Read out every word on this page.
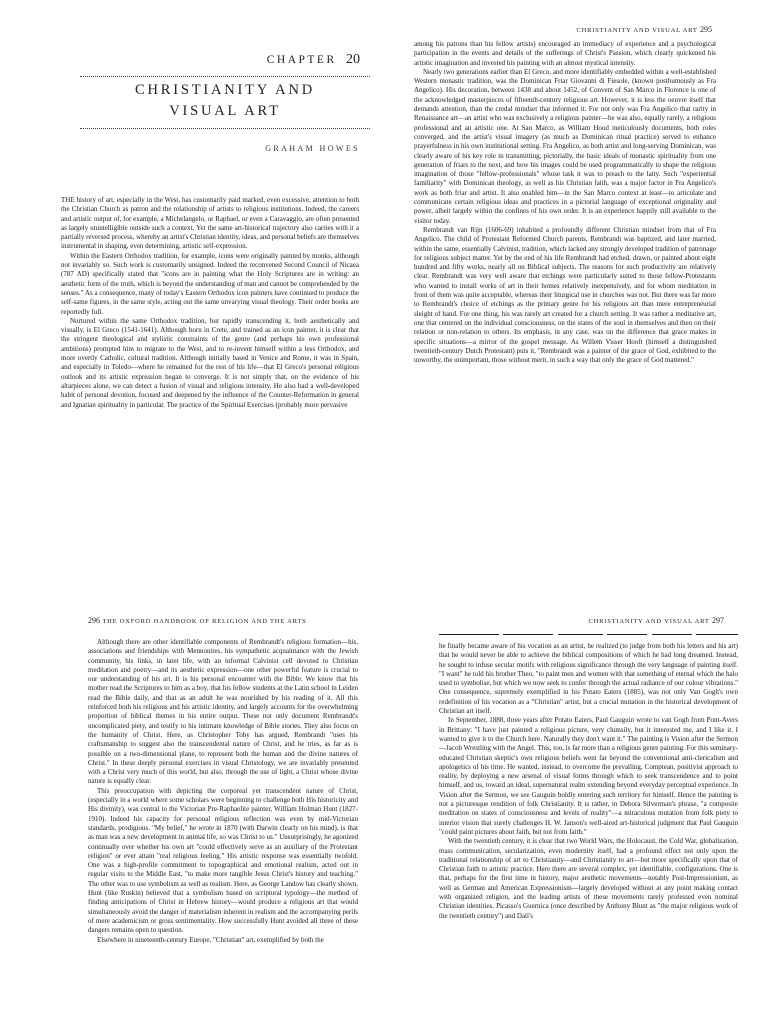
CHAPTER 20
CHRISTIANITY AND
VISUAL ART
GRAHAM HOWES

THE history of art, especially in the West, has customarily paid marked, even excessive, attention to both the Christian Church as patron and the relationship of artists to religious institutions. Indeed, the careers and artistic output of, for example, a Michelangelo, or Raphael, or even a Caravaggio, are often presented as largely unintelligible outside such a context. Yet the same art-historical trajectory also carries with it a partially reversed process, whereby an artist's Christian identity, ideas, and personal beliefs are themselves instrumental in shaping, even determining, artistic self-expression.

Within the Eastern Orthodox tradition, for example, icons were originally painted by monks, although not invariably so. Such work is customarily unsigned. Indeed the reconvened Second Council of Nicaea (787 AD) specifically stated that "icons are in painting what the Holy Scriptures are in writing: an aesthetic form of the truth, which is beyond the understanding of man and cannot be comprehended by the senses." As a consequence, many of today's Eastern Orthodox icon painters have continued to produce the self-same figures, in the same style, acting out the same unvarying visual theology. Their order books are reportedly full.

Nurtured within the same Orthodox tradition, but rapidly transcending it, both aesthetically and visually, is El Greco (1541-1641). Although born in Crete, and trained as an icon painter, it is clear that the stringent theological and stylistic constraints of the genre (and perhaps his own professional ambitions) prompted him to migrate to the West, and to re-invent himself within a less Orthodox, and more overtly Catholic, cultural tradition. Although initially based in Venice and Rome, it was in Spain, and especially in Toledo—where he remained for the rest of his life—that El Greco's personal religious outlook and its artistic expression began to converge. It is not simply that, on the evidence of his altarpieces alone, we can detect a fusion of visual and religious intensity. He also had a well-developed habit of personal devotion, focused and deepened by the influence of the Counter-Reformation in general and Ignatian spirituality in particular. The practice of the Spiritual Exercises (probably more pervasive

CHRISTIANITY AND VISUAL ART 295

among his patrons than his fellow artists) encouraged an immediacy of experience and a psychological participation in the events and details of the sufferings of Christ's Passion, which clearly quickened his artistic imagination and invested his painting with an almost mystical intensity.

Nearly two generations earlier than El Greco, and more identifiably embedded within a well-established Western monastic tradition, was the Dominican Friar Giovanni di Fiesole, (known posthumously as Fra Angelico). His decoration, between 1438 and about 1452, of Convent of San Marco in Florence is one of the acknowledged masterpieces of fifteenth-century religious art. However, it is less the oeuvre itself that demands attention, than the credal mindset that informed it. For not only was Fra Angelico that rarity in Renaissance art—an artist who was exclusively a religious painter—he was also, equally rarely, a religious professional and an artistic one. At San Marco, as William Hood meticulously documents, both roles converged, and the artist's visual imagery (as much as Dominican ritual practice) served to enhance prayerfulness in his own institutional setting. Fra Angelico, as both artist and long-serving Dominican, was clearly aware of his key role in transmitting, pictorially, the basic ideals of monastic spirituality from one generation of friars to the next, and how his images could be used programmatically to shape the religious imagination of those "fellow-professionals" whose task it was to preach to the laity. Such "experiential familiarity" with Dominican theology, as well as his Christian faith, was a major factor in Fra Angelico's work as both friar and artist. It also enabled him—in the San Marco context at least—to articulate and communicate certain religious ideas and practices in a pictorial language of exceptional originality and power, albeit largely within the confines of his own order. It is an experience happily still available to the visitor today.

Rembrandt van Rijn (1606-69) inhabited a profoundly different Christian mindset from that of Fra Angelico. The child of Protestant Reformed Church parents, Rembrandt was baptized, and later married, within the same, essentially Calvinist, tradition, which lacked any strongly developed tradition of patronage for religious subject matter. Yet by the end of his life Rembrandt had etched, drawn, or painted about eight hundred and fifty works, nearly all on Biblical subjects. The reasons for such productivity are relatively clear. Rembrandt was very well aware that etchings were particularly suited to those fellow-Protestants who wanted to install works of art in their homes relatively inexpensively, and for whom meditation in front of them was quite acceptable, whereas their liturgical use in churches was not. But there was far more to Rembrandt's choice of etchings as the primary genre for his religious art than mere entrepreneurial sleight of hand. For one thing, his was rarely art created for a church setting. It was rather a meditative art, one that centered on the individual consciousness, on the states of the soul in themselves and then on their relation or non-relation to others. Its emphasis, in any case, was on the difference that grace makes in specific situations—a mirror of the gospel message. As Willem Visser Hooft (himself a distinguished twentieth-century Dutch Protestant) puts it, "Rembrandt was a painter of the grace of God, exhibited to the unworthy, the unimportant, those without merit, in such a way that only the grace of God mattered."

296 THE OXFORD HANDBOOK OF RELIGION AND THE ARTS

Although there are other identifiable components of Rembrandt's religious formation—his, associations and friendships with Mennonites, his sympathetic acquaintance with the Jewish community, his links, in later life, with an informal Calvinist cell devoted to Christian meditation and poetry—and its aesthetic expression—one other powerful feature is crucial to our understanding of his art. It is his personal encounter with the Bible. We know that his mother read the Scriptures to him as a boy, that his fellow students at the Latin school in Leiden read the Bible daily, and that as an adult he was nourished by his reading of it. All this reinforced both his religious and his artistic identity, and largely accounts for the overwhelming proportion of biblical themes in his entire output. These not only document Rembrandt's uncomplicated piety, and testify to his intimate knowledge of Bible stories. They also focus on the humanity of Christ. Here, as Christopher Toby has argued, Rembrandt "uses his craftsmanship to suggest also the transcendental nature of Christ, and he tries, as far as is possible on a two-dimensional plane, to represent both the human and the divine natures of Christ." In these deeply personal exercises in visual Christology, we are invariably presented with a Christ very much of this world, but also, through the use of light, a Christ whose divine nature is equally clear.

This preoccupation with depicting the corporeal yet transcendent nature of Christ, (especially in a world where some scholars were beginning to challenge both His historicity and His divinity), was central to the Victorian Pre-Raphaelite painter, William Holman Hunt (1827-1910). Indeed his capacity for personal religious reflection was even by mid-Victorian standards, prodigious. "My belief," he wrote in 1870 (with Darwin clearly on his mind), is that as man was a new development in animal life, so was Christ to us." Unsurprisingly, he agonized continually over whether his own art "could effectively serve as an auxiliary of the Protestant religion" or ever attain "real religious feeling." His artistic response was essentially twofold. One was a high-profile commitment to topographical and emotional realism, acted out in regular visits to the Middle East, "to make more tangible Jesus Christ's history and teaching." The other was to use symbolism as well as realism. Here, as George Landow has clearly shown, Hunt (like Ruskin) believed that a symbolism based on scriptural typology—the method of finding anticipations of Christ in Hebrew history—would produce a religious art that would simultaneously avoid the danger of materialism inherent in realism and the accompanying perils of mere academicism or gross sentimentality. How successfully Hunt avoided all three of these dangers remains open to question.

Elsewhere in nineteenth-century Europe, "Christian" art, exemplified by both the

CHRISTIANITY AND VISUAL ART 297

he finally became aware of his vocation as an artist, he realized (to judge from both his letters and his art) that he would never be able to achieve the biblical compositions of which he had long dreamed. Instead, he sought to infuse secular motifs with religious significance through the very language of painting itself. "I want" he told his brother Theo, "to paint men and women with that something of eternal which the halo used to symbolise, but which we now seek to confer through the actual radiance of our colour vibrations." One consequence, supremely exemplified in his Potato Eaters (1885), was not only Van Gogh's own redefinition of his vocation as a "Christian" artist, but a crucial mutation in the historical development of Christian art itself.

In September, 1888, three years after Potato Eaters, Paul Gauguin wrote to van Gogh from Pont-Avers in Brittany: "I have just painted a religious picture, very clumsily, but it interested me, and I like it. I wanted to give it to the Church here. Naturally they don't want it." The painting is Vision after the Sermon—Jacob Wrestling with the Angel. This, too, is far more than a religious genre painting. For this seminary-educated Christian skeptic's own religious beliefs went far beyond the conventional anti-clericalism and apologetics of his time. He wanted, instead, to overcome the prevailing, Comptean, positivist approach to reality, by deploying a new arsenal of visual forms through which to seek transcendence and to point himself, and us, toward an ideal, supernatural realm extending beyond everyday perceptual experience. In Vision after the Sermon, we see Gauguin boldly entering such territory for himself. Hence the painting is not a picturesque rendition of folk Christianity. It is rather, in Debora Silverman's phrase, "a composite meditation on states of consciousness and levels of reality"—a miraculous mutation from folk piety to interior vision that surely challenges H. W. Janson's well-aired art-historical judgment that Paul Gauguin "could paint pictures about faith, but not from faith."

With the twentieth century, it is clear that two World Wars, the Holocaust, the Cold War, globalization, mass communication, secularization, even modernity itself, had a profound effect not only upon the traditional relationship of art to Christianity—and Christianity to art—but more specifically upon that of Christian faith to artistic practice. Here there are several complex, yet identifiable, configurations. One is that, perhaps for the first time in history, major aesthetic movements—notably Post-Impressionism, as well as German and American Expressionism—largely developed without at any point making contact with organized religion, and the leading artists of these movements rarely professed even nominal Christian identities. Picasso's Guernica (once described by Anthony Blunt as "the major religious work of the twentieth century") and Dali's
